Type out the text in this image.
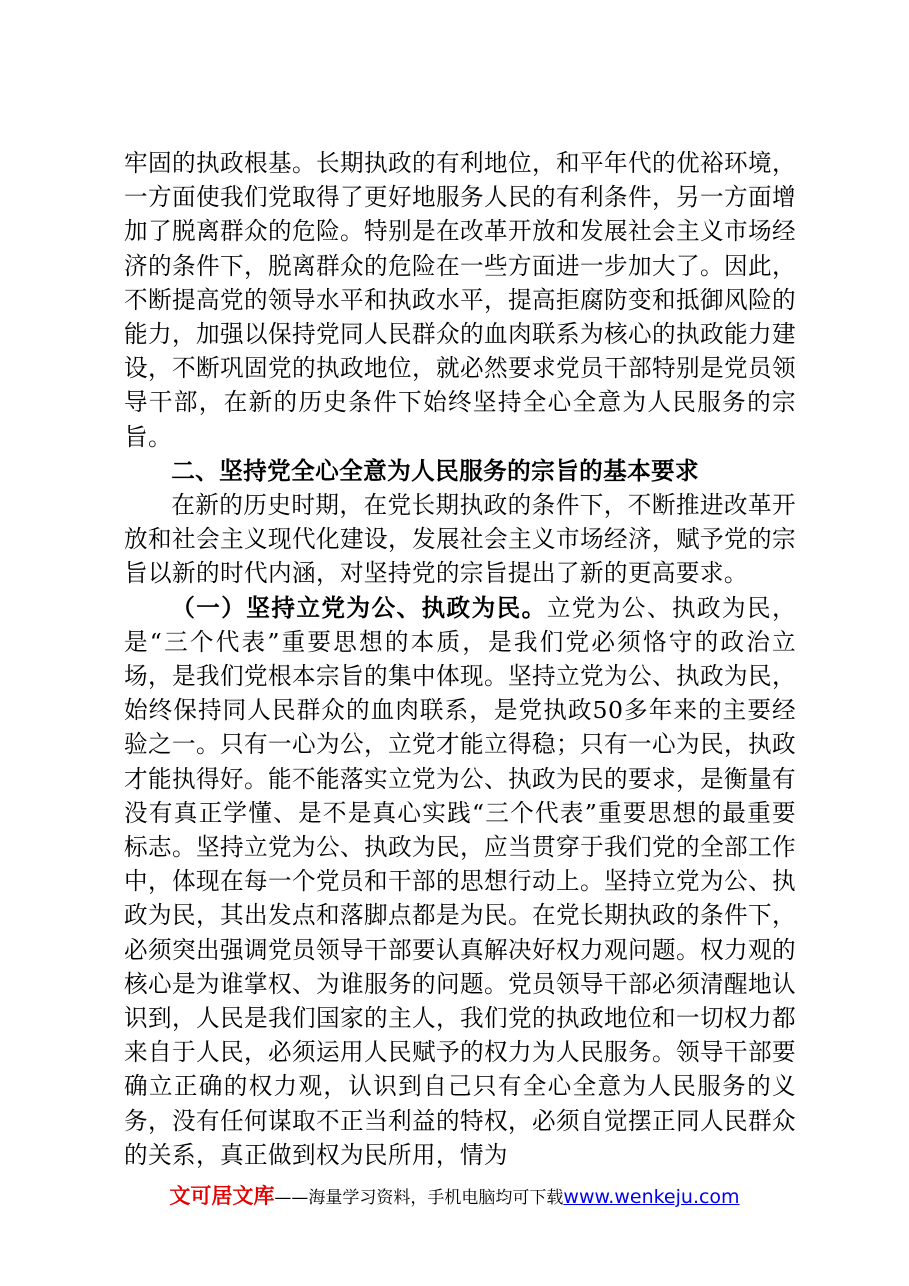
牢固的执政根基。长期执政的有利地位，和平年代的优裕环境，一方面使我们党取得了更好地服务人民的有利条件，另一方面增加了脱离群众的危险。特别是在改革开放和发展社会主义市场经济的条件下，脱离群众的危险在一些方面进一步加大了。因此，不断提高党的领导水平和执政水平，提高拒腐防变和抵御风险的能力，加强以保持党同人民群众的血肉联系为核心的执政能力建设，不断巩固党的执政地位，就必然要求党员干部特别是党员领导干部，在新的历史条件下始终坚持全心全意为人民服务的宗旨。

二、坚持党全心全意为人民服务的宗旨的基本要求

在新的历史时期，在党长期执政的条件下，不断推进改革开放和社会主义现代化建设，发展社会主义市场经济，赋予党的宗旨以新的时代内涵，对坚持党的宗旨提出了新的更高要求。

（一）坚持立党为公、执政为民。立党为公、执政为民，是“三个代表”重要思想的本质，是我们党必须恪守的政治立场，是我们党根本宗旨的集中体现。坚持立党为公、执政为民，始终保持同人民群众的血肉联系，是党执政50多年来的主要经验之一。只有一心为公，立党才能立得稳；只有一心为民，执政才能执得好。能不能落实立党为公、执政为民的要求，是衡量有没有真正学懂、是不是真心实践“三个代表”重要思想的最重要标志。坚持立党为公、执政为民，应当贯穿于我们党的全部工作中，体现在每一个党员和干部的思想行动上。坚持立党为公、执政为民，其出发点和落脚点都是为民。在党长期执政的条件下，必须突出强调党员领导干部要认真解决好权力观问题。权力观的核心是为谁掌权、为谁服务的问题。党员领导干部必须清醒地认识到，人民是我们国家的主人，我们党的执政地位和一切权力都来自于人民，必须运用人民赋予的权力为人民服务。领导干部要确立正确的权力观，认识到自己只有全心全意为人民服务的义务，没有任何谋取不正当利益的特权，必须自觉摆正同人民群众的关系，真正做到权为民所用，情为

文可居文库——海量学习资料，手机电脑均可下载www.wenkeju.com
